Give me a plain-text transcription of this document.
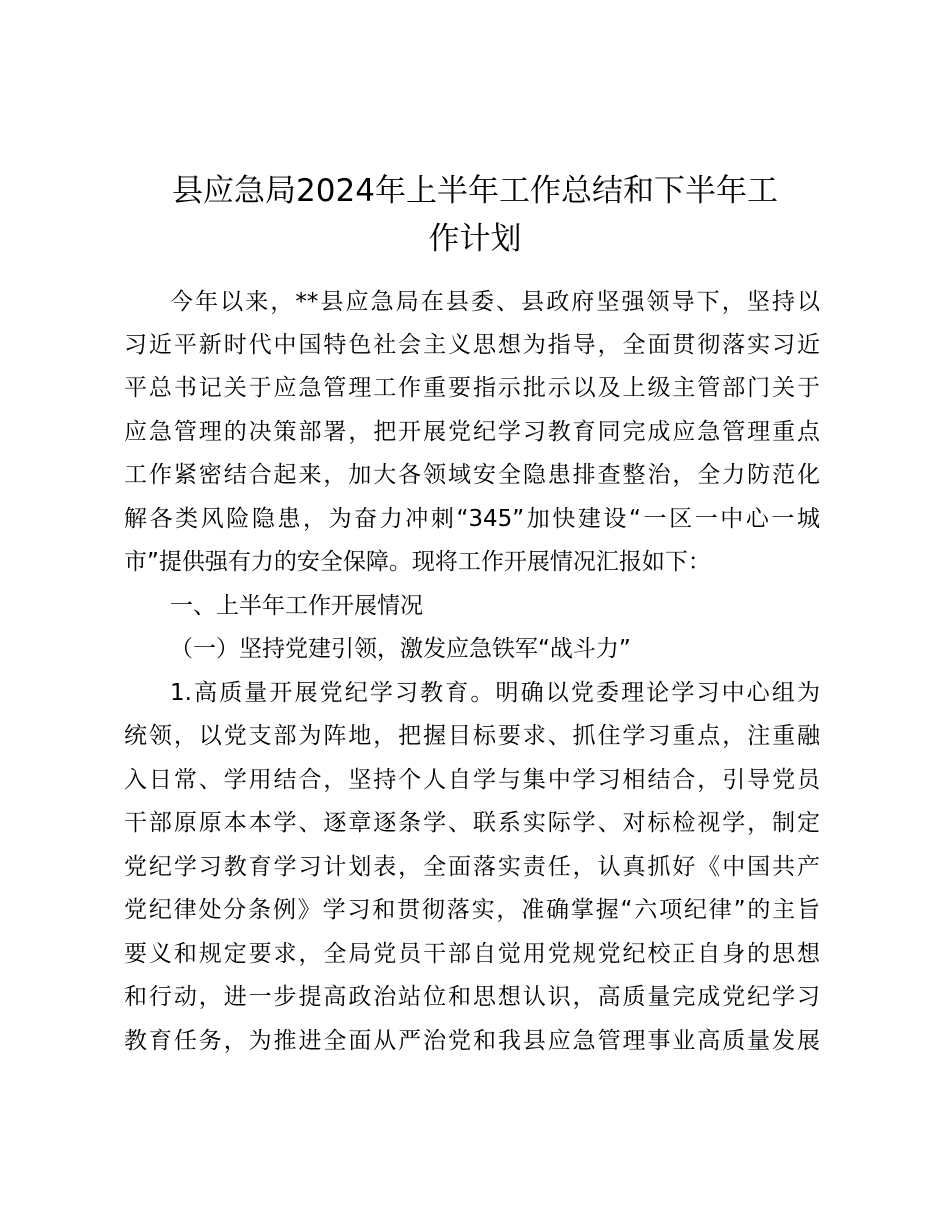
县应急局2024年上半年工作总结和下半年工
作计划
今年以来，**县应急局在县委、县政府坚强领导下，坚持以
习近平新时代中国特色社会主义思想为指导，全面贯彻落实习近
平总书记关于应急管理工作重要指示批示以及上级主管部门关于
应急管理的决策部署，把开展党纪学习教育同完成应急管理重点
工作紧密结合起来，加大各领域安全隐患排查整治，全力防范化
解各类风险隐患，为奋力冲刺“345”加快建设“一区一中心一城
市”提供强有力的安全保障。现将工作开展情况汇报如下：
一、上半年工作开展情况
（一）坚持党建引领，激发应急铁军“战斗力”
1.高质量开展党纪学习教育。明确以党委理论学习中心组为
统领，以党支部为阵地，把握目标要求、抓住学习重点，注重融
入日常、学用结合，坚持个人自学与集中学习相结合，引导党员
干部原原本本学、逐章逐条学、联系实际学、对标检视学，制定
党纪学习教育学习计划表，全面落实责任，认真抓好《中国共产
党纪律处分条例》学习和贯彻落实，准确掌握“六项纪律”的主旨
要义和规定要求，全局党员干部自觉用党规党纪校正自身的思想
和行动，进一步提高政治站位和思想认识，高质量完成党纪学习
教育任务，为推进全面从严治党和我县应急管理事业高质量发展
